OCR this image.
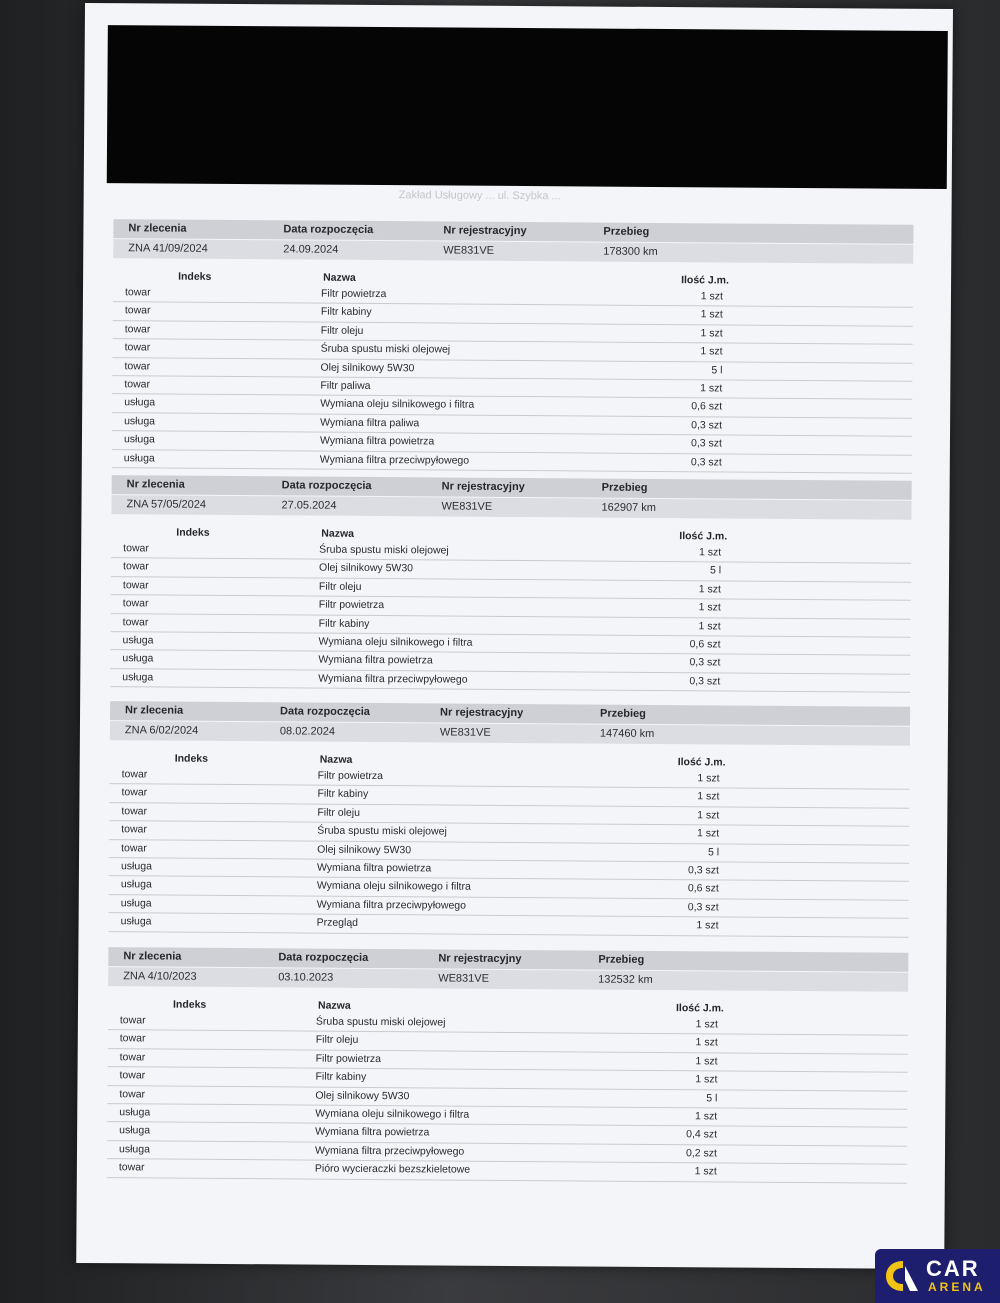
Zakład Usługowy ... ul. Szybka ...
Nr zlecenia	Data rozpoczęcia	Nr rejestracyjny	Przebieg
ZNA 41/09/2024	24.09.2024	WE831VE	178300 km
Indeks	Nazwa	Ilość J.m.
towar	Filtr powietrza	1 szt
towar	Filtr kabiny	1 szt
towar	Filtr oleju	1 szt
towar	Śruba spustu miski olejowej	1 szt
towar	Olej silnikowy 5W30	5 l
towar	Filtr paliwa	1 szt
usługa	Wymiana oleju silnikowego i filtra	0,6 szt
usługa	Wymiana filtra paliwa	0,3 szt
usługa	Wymiana filtra powietrza	0,3 szt
usługa	Wymiana filtra przeciwpyłowego	0,3 szt
Nr zlecenia	Data rozpoczęcia	Nr rejestracyjny	Przebieg
ZNA 57/05/2024	27.05.2024	WE831VE	162907 km
Indeks	Nazwa	Ilość J.m.
towar	Śruba spustu miski olejowej	1 szt
towar	Olej silnikowy 5W30	5 l
towar	Filtr oleju	1 szt
towar	Filtr powietrza	1 szt
towar	Filtr kabiny	1 szt
usługa	Wymiana oleju silnikowego i filtra	0,6 szt
usługa	Wymiana filtra powietrza	0,3 szt
usługa	Wymiana filtra przeciwpyłowego	0,3 szt
Nr zlecenia	Data rozpoczęcia	Nr rejestracyjny	Przebieg
ZNA 6/02/2024	08.02.2024	WE831VE	147460 km
Indeks	Nazwa	Ilość J.m.
towar	Filtr powietrza	1 szt
towar	Filtr kabiny	1 szt
towar	Filtr oleju	1 szt
towar	Śruba spustu miski olejowej	1 szt
towar	Olej silnikowy 5W30	5 l
usługa	Wymiana filtra powietrza	0,3 szt
usługa	Wymiana oleju silnikowego i filtra	0,6 szt
usługa	Wymiana filtra przeciwpyłowego	0,3 szt
usługa	Przegląd	1 szt
Nr zlecenia	Data rozpoczęcia	Nr rejestracyjny	Przebieg
ZNA 4/10/2023	03.10.2023	WE831VE	132532 km
Indeks	Nazwa	Ilość J.m.
towar	Śruba spustu miski olejowej	1 szt
towar	Filtr oleju	1 szt
towar	Filtr powietrza	1 szt
towar	Filtr kabiny	1 szt
towar	Olej silnikowy 5W30	5 l
usługa	Wymiana oleju silnikowego i filtra	1 szt
usługa	Wymiana filtra powietrza	0,4 szt
usługa	Wymiana filtra przeciwpyłowego	0,2 szt
towar	Pióro wycieraczki bezszkieletowe	1 szt
CAR
ARENA
